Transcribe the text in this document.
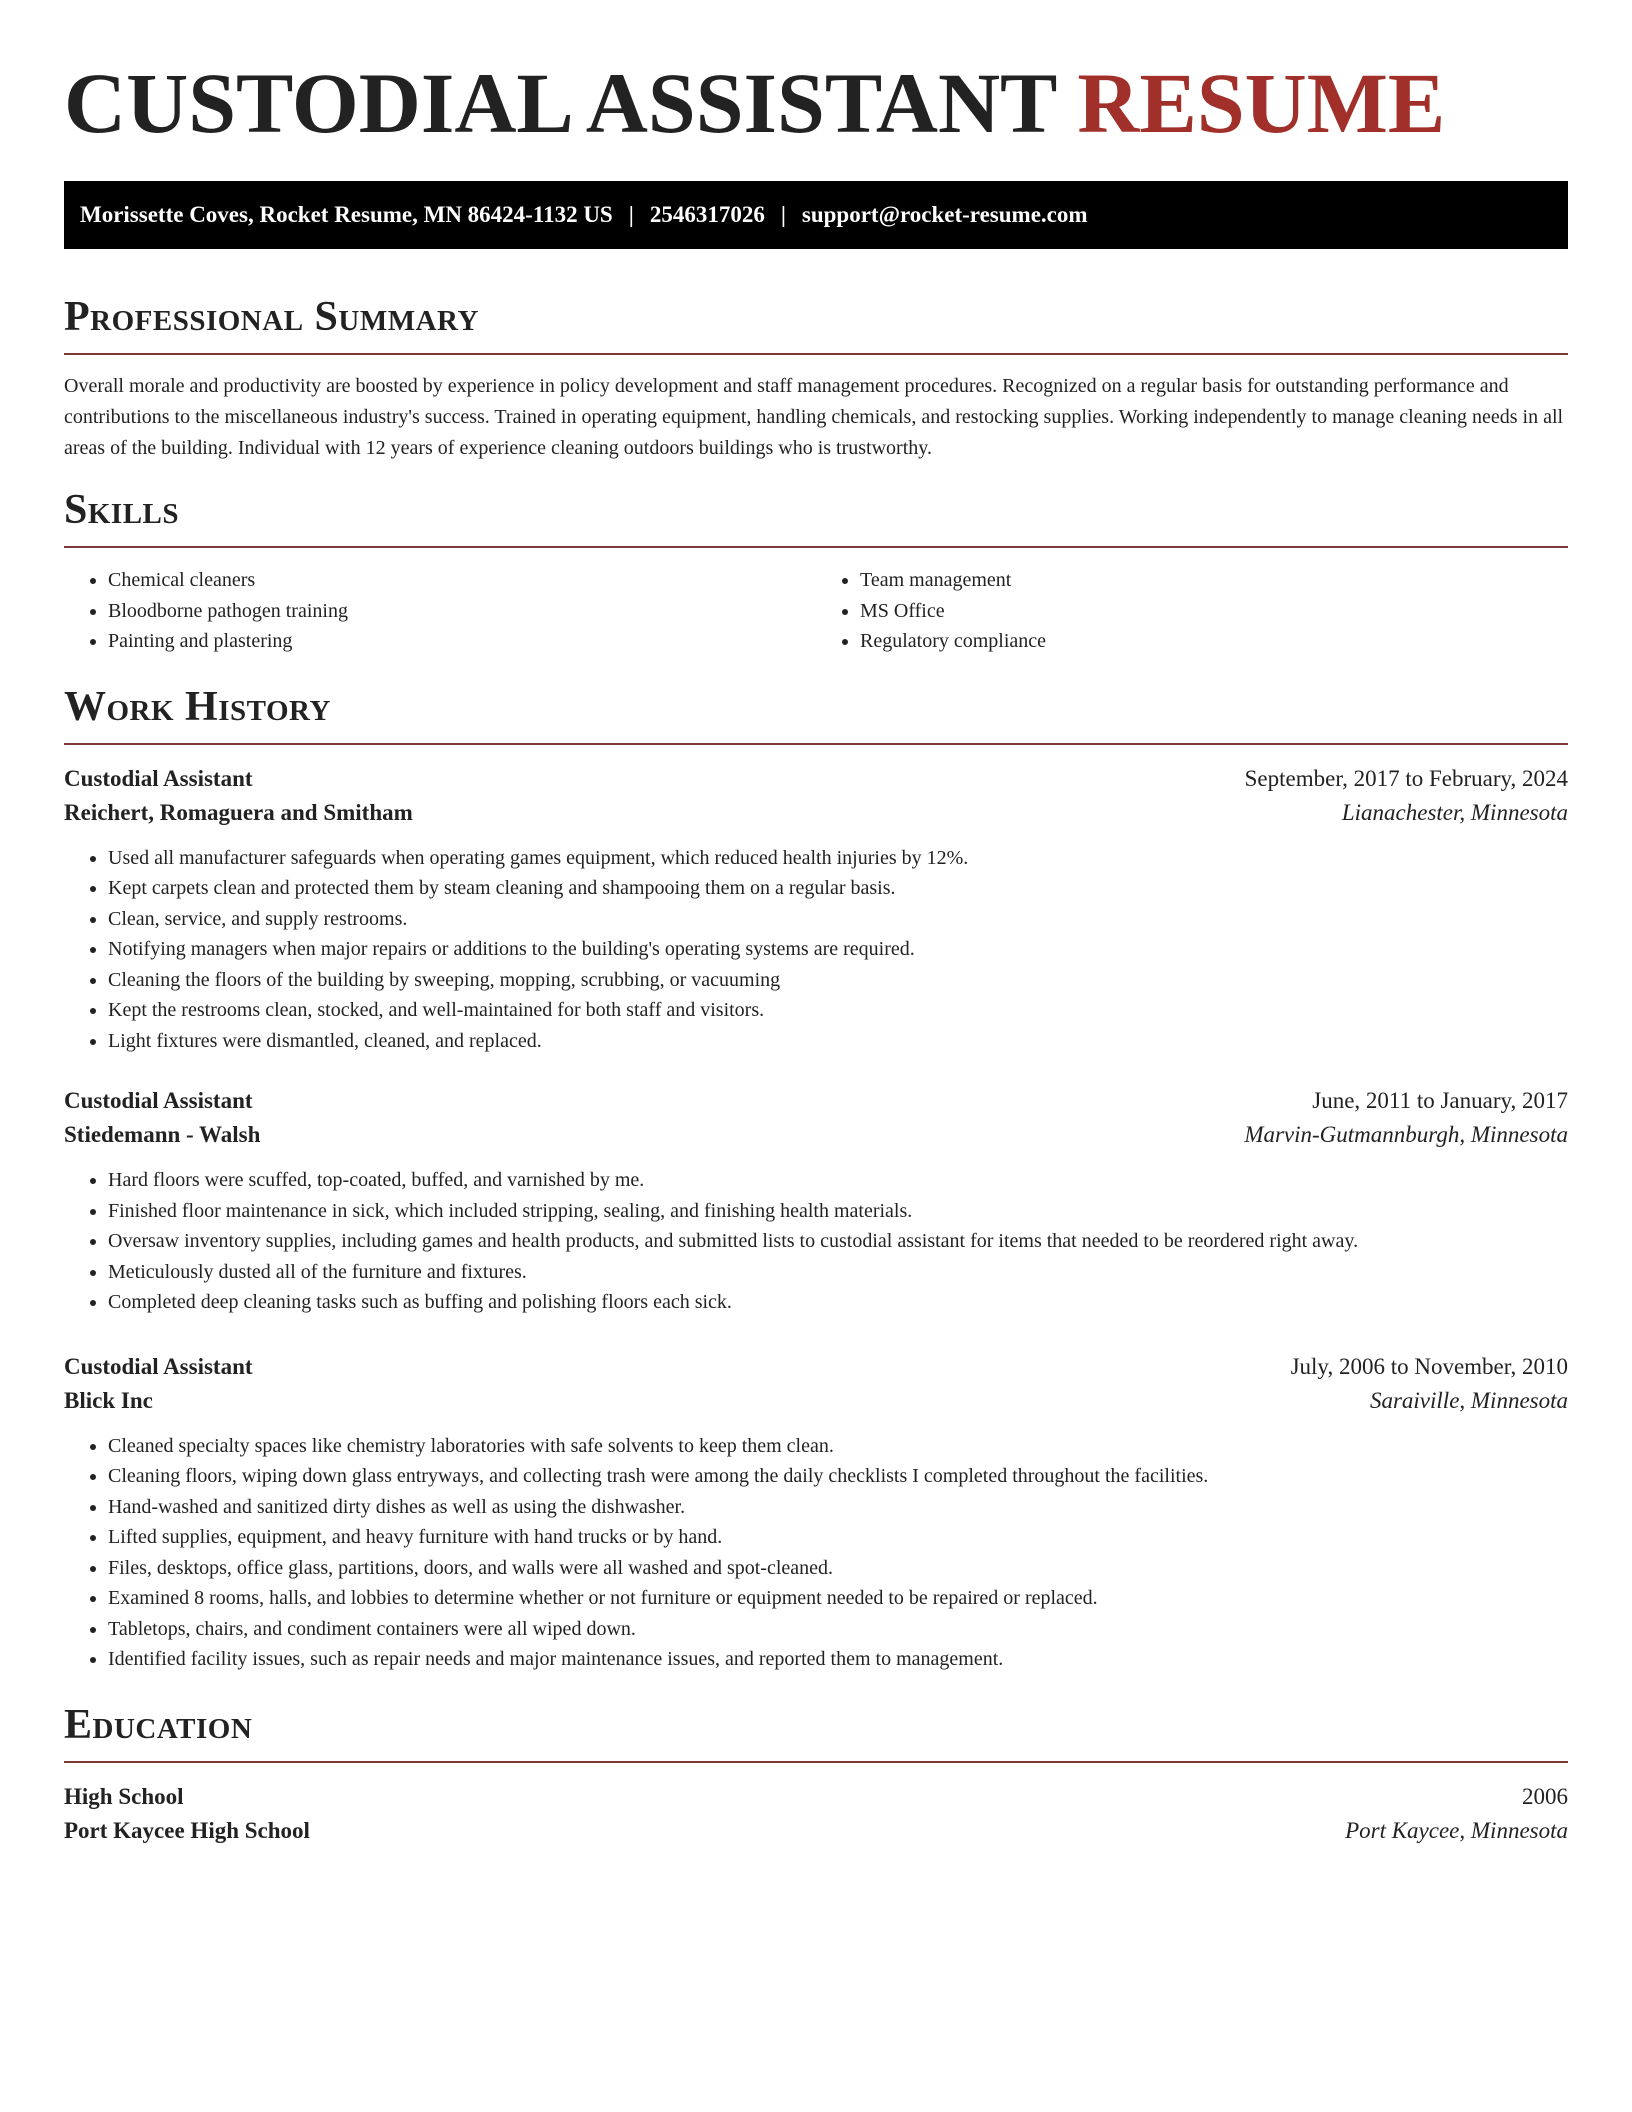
CUSTODIAL ASSISTANT RESUME
Morissette Coves, Rocket Resume, MN 86424-1132 US | 2546317026 | support@rocket-resume.com
Professional Summary

Overall morale and productivity are boosted by experience in policy development and staff management procedures. Recognized on a regular basis for outstanding performance and contributions to the miscellaneous industry's success. Trained in operating equipment, handling chemicals, and restocking supplies. Working independently to manage cleaning needs in all areas of the building. Individual with 12 years of experience cleaning outdoors buildings who is trustworthy.

Skills
• Chemical cleaners
• Bloodborne pathogen training
• Painting and plastering
• Team management
• MS Office
• Regulatory compliance
Work History
Custodial Assistant	September, 2017 to February, 2024
Reichert, Romaguera and Smitham	Lianachester, Minnesota
• Used all manufacturer safeguards when operating games equipment, which reduced health injuries by 12%.
• Kept carpets clean and protected them by steam cleaning and shampooing them on a regular basis.
• Clean, service, and supply restrooms.
• Notifying managers when major repairs or additions to the building's operating systems are required.
• Cleaning the floors of the building by sweeping, mopping, scrubbing, or vacuuming
• Kept the restrooms clean, stocked, and well-maintained for both staff and visitors.
• Light fixtures were dismantled, cleaned, and replaced.
Custodial Assistant	June, 2011 to January, 2017
Stiedemann - Walsh	Marvin-Gutmannburgh, Minnesota
• Hard floors were scuffed, top-coated, buffed, and varnished by me.
• Finished floor maintenance in sick, which included stripping, sealing, and finishing health materials.
• Oversaw inventory supplies, including games and health products, and submitted lists to custodial assistant for items that needed to be reordered right away.
• Meticulously dusted all of the furniture and fixtures.
• Completed deep cleaning tasks such as buffing and polishing floors each sick.
Custodial Assistant	July, 2006 to November, 2010
Blick Inc	Saraiville, Minnesota
• Cleaned specialty spaces like chemistry laboratories with safe solvents to keep them clean.
• Cleaning floors, wiping down glass entryways, and collecting trash were among the daily checklists I completed throughout the facilities.
• Hand-washed and sanitized dirty dishes as well as using the dishwasher.
• Lifted supplies, equipment, and heavy furniture with hand trucks or by hand.
• Files, desktops, office glass, partitions, doors, and walls were all washed and spot-cleaned.
• Examined 8 rooms, halls, and lobbies to determine whether or not furniture or equipment needed to be repaired or replaced.
• Tabletops, chairs, and condiment containers were all wiped down.
• Identified facility issues, such as repair needs and major maintenance issues, and reported them to management.
Education
High School	2006
Port Kaycee High School	Port Kaycee, Minnesota
